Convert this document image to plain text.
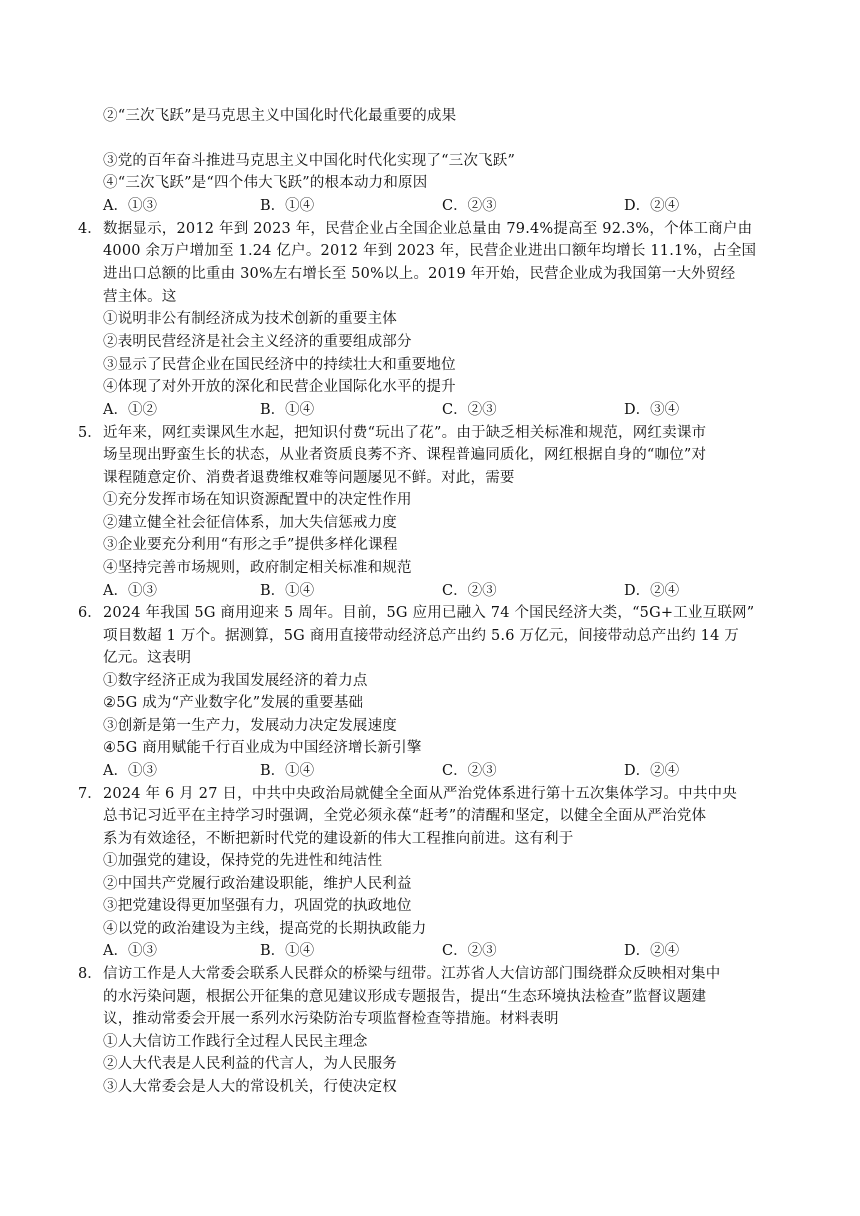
②“三次飞跃”是马克思主义中国化时代化最重要的成果
③党的百年奋斗推进马克思主义中国化时代化实现了“三次飞跃”
④“三次飞跃”是“四个伟大飞跃”的根本动力和原因
A．①③	B．①④	C．②③	D．②④
4． 数据显示，2012 年到 2023 年，民营企业占全国企业总量由 79.4%提高至 92.3%，个体工商户由
4000 余万户增加至 1.24 亿户。2012 年到 2023 年，民营企业进出口额年均增长 11.1%，占全国
进出口总额的比重由 30%左右增长至 50%以上。2019 年开始，民营企业成为我国第一大外贸经
营主体。这
①说明非公有制经济成为技术创新的重要主体
②表明民营经济是社会主义经济的重要组成部分
③显示了民营企业在国民经济中的持续壮大和重要地位
④体现了对外开放的深化和民营企业国际化水平的提升
A．①②	B．①④	C．②③	D．③④
5． 近年来，网红卖课风生水起，把知识付费“玩出了花”。由于缺乏相关标准和规范，网红卖课市
场呈现出野蛮生长的状态，从业者资质良莠不齐、课程普遍同质化，网红根据自身的“咖位”对
课程随意定价、消费者退费维权难等问题屡见不鲜。对此，需要
①充分发挥市场在知识资源配置中的决定性作用
②建立健全社会征信体系，加大失信惩戒力度
③企业要充分利用“有形之手”提供多样化课程
④坚持完善市场规则，政府制定相关标准和规范
A．①③	B．①④	C．②③	D．②④
6． 2024 年我国 5G 商用迎来 5 周年。目前，5G 应用已融入 74 个国民经济大类，“5G+工业互联网”
项目数超 1 万个。据测算，5G 商用直接带动经济总产出约 5.6 万亿元，间接带动总产出约 14 万
亿元。这表明
①数字经济正成为我国发展经济的着力点
②5G 成为“产业数字化”发展的重要基础
③创新是第一生产力，发展动力决定发展速度
④5G 商用赋能千行百业成为中国经济增长新引擎
A．①③	B．①④	C．②③	D．②④
7． 2024 年 6 月 27 日，中共中央政治局就健全全面从严治党体系进行第十五次集体学习。中共中央
总书记习近平在主持学习时强调，全党必须永葆“赶考”的清醒和坚定，以健全全面从严治党体
系为有效途径，不断把新时代党的建设新的伟大工程推向前进。这有利于
①加强党的建设，保持党的先进性和纯洁性
②中国共产党履行政治建设职能，维护人民利益
③把党建设得更加坚强有力，巩固党的执政地位
④以党的政治建设为主线，提高党的长期执政能力
A．①③	B．①④	C．②③	D．②④
8． 信访工作是人大常委会联系人民群众的桥梁与纽带。江苏省人大信访部门围绕群众反映相对集中
的水污染问题，根据公开征集的意见建议形成专题报告，提出“生态环境执法检查”监督议题建
议，推动常委会开展一系列水污染防治专项监督检查等措施。材料表明
①人大信访工作践行全过程人民民主理念
②人大代表是人民利益的代言人，为人民服务
③人大常委会是人大的常设机关，行使决定权
